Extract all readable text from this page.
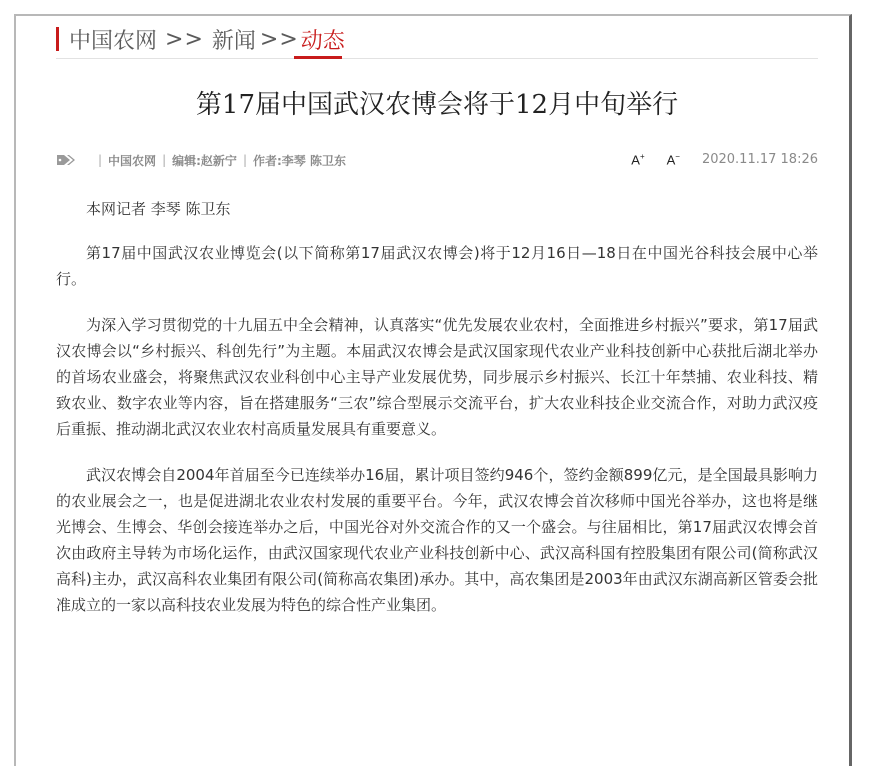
中国农网 >> 新闻 >> 动态
第17届中国武汉农博会将于12月中旬举行
| 中国农网 | 编辑: 赵新宁 | 作者: 李琴 陈卫东	A+ A− 2020.11.17 18:26

本网记者 李琴 陈卫东

第17届中国武汉农业博览会(以下简称第17届武汉农博会)将于12月16日—18日在中国光谷科技会展中心举行。

为深入学习贯彻党的十九届五中全会精神，认真落实“优先发展农业农村，全面推进乡村振兴”要求，第17届武汉农博会以“乡村振兴、科创先行”为主题。本届武汉农博会是武汉国家现代农业产业科技创新中心获批后湖北举办的首场农业盛会，将聚焦武汉农业科创中心主导产业发展优势，同步展示乡村振兴、长江十年禁捕、农业科技、精致农业、数字农业等内容，旨在搭建服务“三农”综合型展示交流平台，扩大农业科技企业交流合作，对助力武汉疫后重振、推动湖北武汉农业农村高质量发展具有重要意义。

武汉农博会自2004年首届至今已连续举办16届，累计项目签约946个，签约金额899亿元，是全国最具影响力的农业展会之一，也是促进湖北农业农村发展的重要平台。今年，武汉农博会首次移师中国光谷举办，这也将是继光博会、生博会、华创会接连举办之后，中国光谷对外交流合作的又一个盛会。与往届相比，第17届武汉农博会首次由政府主导转为市场化运作，由武汉国家现代农业产业科技创新中心、武汉高科国有控股集团有限公司(简称武汉高科)主办，武汉高科农业集团有限公司(简称高农集团)承办。其中，高农集团是2003年由武汉东湖高新区管委会批准成立的一家以高科技农业发展为特色的综合性产业集团。
